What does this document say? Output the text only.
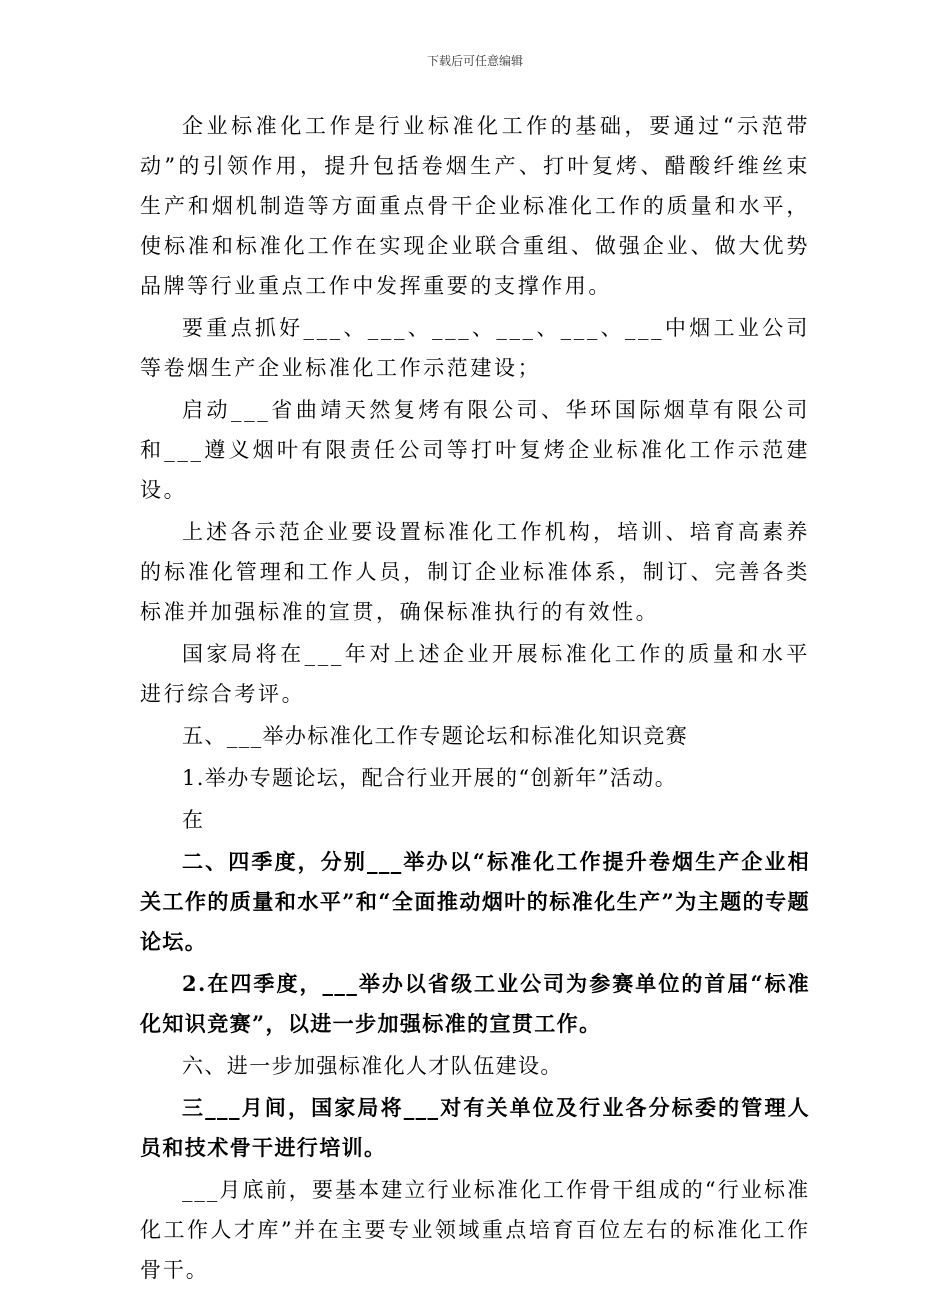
下载后可任意编辑

企业标准化工作是行业标准化工作的基础，要通过“示范带动”的引领作用，提升包括卷烟生产、打叶复烤、醋酸纤维丝束生产和烟机制造等方面重点骨干企业标准化工作的质量和水平，使标准和标准化工作在实现企业联合重组、做强企业、做大优势品牌等行业重点工作中发挥重要的支撑作用。

要重点抓好___、___、___、___、___、___中烟工业公司等卷烟生产企业标准化工作示范建设；

启动___省曲靖天然复烤有限公司、华环国际烟草有限公司和___遵义烟叶有限责任公司等打叶复烤企业标准化工作示范建设。

上述各示范企业要设置标准化工作机构，培训、培育高素养的标准化管理和工作人员，制订企业标准体系，制订、完善各类标准并加强标准的宣贯，确保标准执行的有效性。

国家局将在___年对上述企业开展标准化工作的质量和水平进行综合考评。

五、___举办标准化工作专题论坛和标准化知识竞赛

1.举办专题论坛，配合行业开展的“创新年”活动。

在

二、四季度，分别___举办以“标准化工作提升卷烟生产企业相关工作的质量和水平”和“全面推动烟叶的标准化生产”为主题的专题论坛。

2.在四季度，___举办以省级工业公司为参赛单位的首届“标准化知识竞赛”，以进一步加强标准的宣贯工作。

六、进一步加强标准化人才队伍建设。

三___月间，国家局将___对有关单位及行业各分标委的管理人员和技术骨干进行培训。

___月底前，要基本建立行业标准化工作骨干组成的“行业标准化工作人才库”并在主要专业领域重点培育百位左右的标准化工作骨干。
